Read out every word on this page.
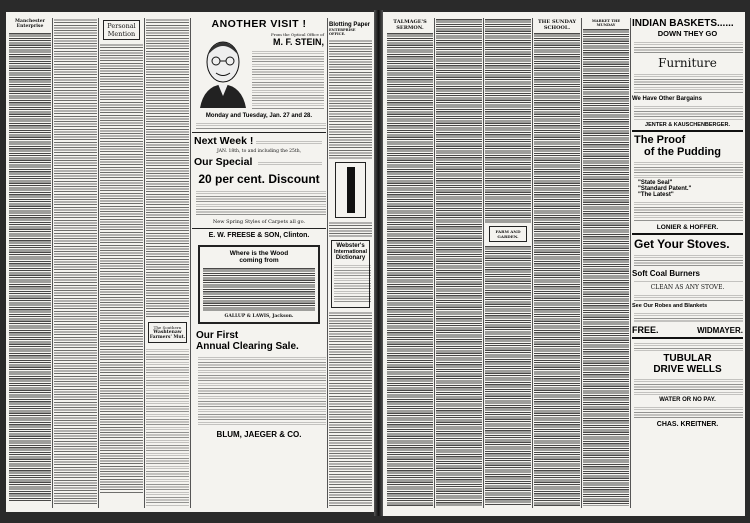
Manchester Enterprise	Personal
Mention
The Southern
Washtenaw Farmers' Mut.
ANOTHER VISIT !
From the Optical Office of
M. F. STEIN,
Monday and Tuesday, Jan. 27 and 28.
Next Week !
JAN. 18th, to and including the 25th,
Our Special
20 per cent. Discount
New Spring Styles of Carpets all go.
E. W. FREESE & SON, Clinton.
Where is the Wood
coming from
GALLUP & LAWIS, Jackson.
Our First
Annual Clearing Sale.
BLUM, JAEGER & CO.
Blotting Paper
ENTERPRISE OFFICE.
Webster's
International
Dictionary
TALMAGE'S SERMON.
FARM AND GARDEN.
THE SUNDAY SCHOOL.
MARKET THE MUNDAY	INDIAN BASKETS......
DOWN THEY GO
Furniture
We Have Other Bargains
JENTER & KAUSCHENBERGER.
The Proof
of the Pudding
"State Seal"
"Standard Patent."
"The Latest"
LONIER & HOFFER.
Get Your Stoves.
Soft Coal Burners
CLEAN AS ANY STOVE.
See Our Robes and Blankets
FREE.	WIDMAYER.
TUBULAR
DRIVE WELLS
WATER OR NO PAY.
CHAS. KREITNER.
